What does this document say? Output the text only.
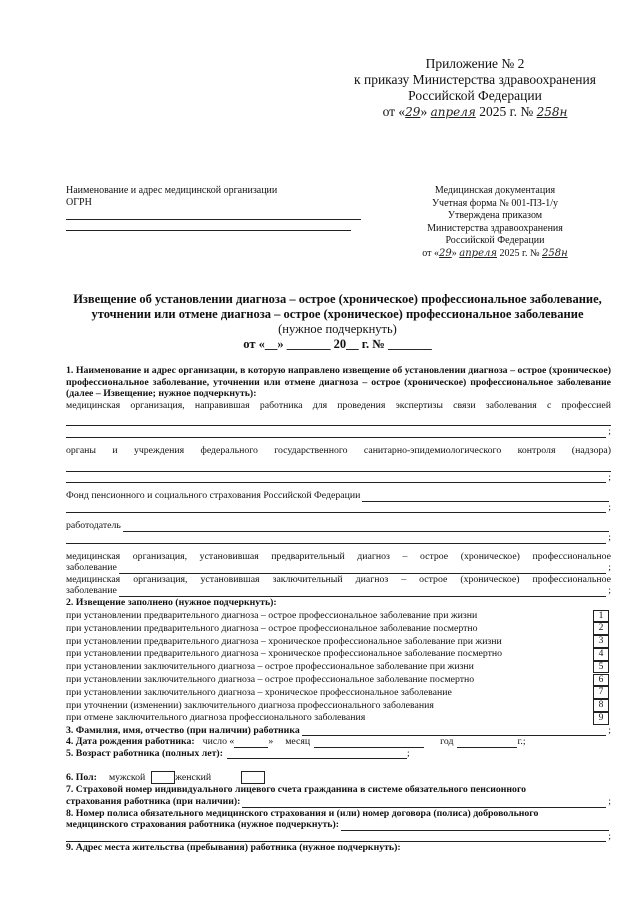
Приложение № 2
к приказу Министерства здравоохранения
Российской Федерации
от «29» апреля 2025 г. № 258н
Наименование и адрес медицинской организации
ОГРН
Медицинская документация
Учетная форма № 001-ПЗ-1/у
Утверждена приказом
Министерства здравоохранения
Российской Федерации
от «29» апреля 2025 г. № 258н
Извещение об установлении диагноза – острое (хроническое) профессиональное заболевание,
уточнении или отмене диагноза – острое (хроническое) профессиональное заболевание
(нужное подчеркнуть)
от «__» _______ 20__ г. № _______
1. Наименование и адрес организации, в которую направлено извещение об установлении диагноза – острое (хроническое) профессиональное заболевание, уточнении или отмене диагноза – острое (хроническое) профессиональное заболевание (далее – Извещение; нужное подчеркнуть):
медицинская организация, направившая работника для проведения экспертизы связи заболевания с профессией
;
органы и учреждения федерального государственного санитарно-эпидемиологического контроля (надзора)
;
Фонд пенсионного и социального страхования Российской Федерации
;
работодатель
;
медицинская организация, установившая предварительный диагноз – острое (хроническое) профессиональное
заболевание	;
медицинская организация, установившая заключительный диагноз – острое (хроническое) профессиональное
заболевание	;
2. Извещение заполнено (нужное подчеркнуть):
при установлении предварительного диагноза – острое профессиональное заболевание при жизни	1
при установлении предварительного диагноза – острое профессиональное заболевание посмертно	2
при установлении предварительного диагноза – хроническое профессиональное заболевание при жизни	3
при установлении предварительного диагноза – хроническое профессиональное заболевание посмертно	4
при установлении заключительного диагноза – острое профессиональное заболевание при жизни	5
при установлении заключительного диагноза – острое профессиональное заболевание посмертно	6
при установлении заключительного диагноза – хроническое профессиональное заболевание	7
при уточнении (изменении) заключительного диагноза профессионального заболевания	8
при отмене заключительного диагноза профессионального заболевания	9
3. Фамилия, имя, отчество (при наличии) работника	;
4. Дата рождения работника: число «	» месяц	год	г.;
5. Возраст работника (полных лет):	;
6. Пол: мужской	женский
7. Страховой номер индивидуального лицевого счета гражданина в системе обязательного пенсионного
страхования работника (при наличии):	;
8. Номер полиса обязательного медицинского страхования и (или) номер договора (полиса) добровольного
медицинского страхования работника (нужное подчеркнуть):
;
9. Адрес места жительства (пребывания) работника (нужное подчеркнуть):
